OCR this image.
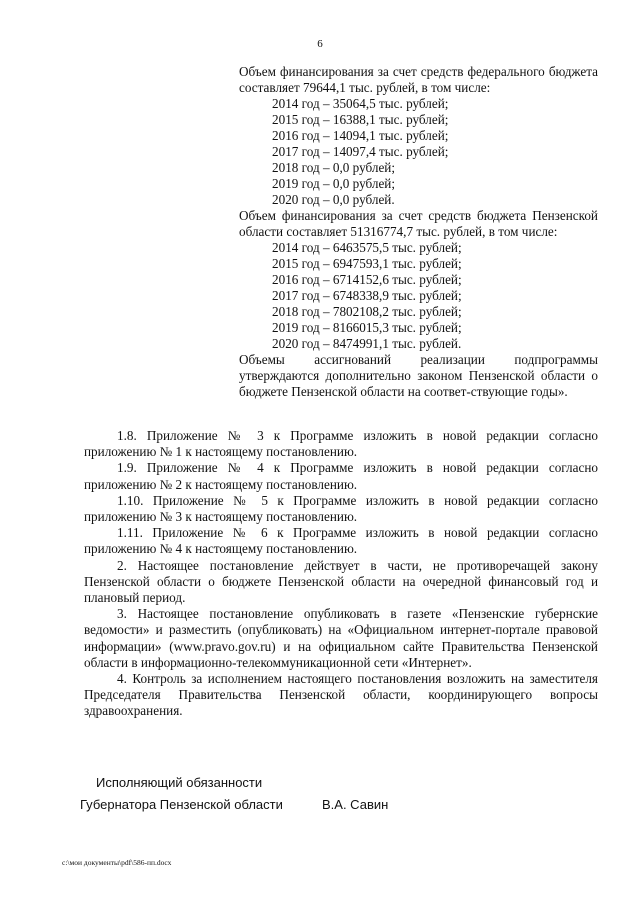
6

Объем финансирования за счет средств федерального бюджета составляет 79644,1 тыс. рублей, в том числе:

2014 год – 35064,5 тыс. рублей;

2015 год – 16388,1 тыс. рублей;

2016 год – 14094,1 тыс. рублей;

2017 год – 14097,4 тыс. рублей;

2018 год – 0,0 рублей;

2019 год – 0,0 рублей;

2020 год – 0,0 рублей.

Объем финансирования за счет средств бюджета Пензенской области составляет 51316774,7 тыс. рублей, в том числе:

2014 год – 6463575,5 тыс. рублей;

2015 год – 6947593,1 тыс. рублей;

2016 год – 6714152,6 тыс. рублей;

2017 год – 6748338,9 тыс. рублей;

2018 год – 7802108,2 тыс. рублей;

2019 год – 8166015,3 тыс. рублей;

2020 год – 8474991,1 тыс. рублей.

Объемы ассигнований реализации подпрограммы утверждаются дополнительно законом Пензенской области о бюджете Пензенской области на соответ-ствующие годы».

1.8. Приложение № 3 к Программе изложить в новой редакции согласно приложению № 1 к настоящему постановлению.

1.9. Приложение № 4 к Программе изложить в новой редакции согласно приложению № 2 к настоящему постановлению.

1.10. Приложение № 5 к Программе изложить в новой редакции согласно приложению № 3 к настоящему постановлению.

1.11. Приложение № 6 к Программе изложить в новой редакции согласно приложению № 4 к настоящему постановлению.

2. Настоящее постановление действует в части, не противоречащей закону Пензенской области о бюджете Пензенской области на очередной финансовый год и плановый период.

3. Настоящее постановление опубликовать в газете «Пензенские губернские ведомости» и разместить (опубликовать) на «Официальном интернет-портале правовой информации» (www.pravo.gov.ru) и на официальном сайте Правительства Пензенской области в информационно-телекоммуникационной сети «Интернет».

4. Контроль за исполнением настоящего постановления возложить на заместителя Председателя Правительства Пензенской области, координирующего вопросы здравоохранения.

Исполняющий обязанности
Губернатора Пензенской области	В.А. Савин
c:\мои документы\pdf\586-пп.docx
